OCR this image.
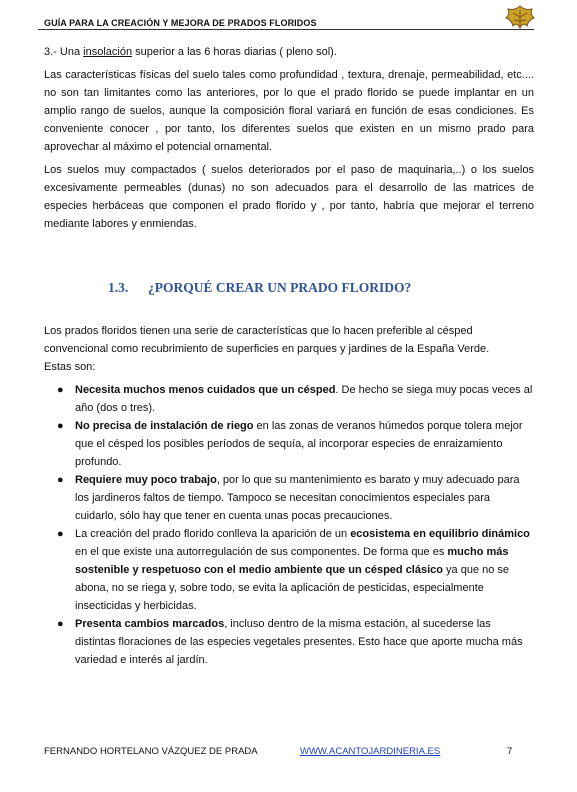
GUÍA PARA LA CREACIÓN Y MEJORA DE PRADOS FLORIDOS

3.- Una insolación superior a las 6 horas diarias ( pleno sol).

Las características físicas del suelo tales como profundidad , textura, drenaje, permeabilidad, etc.... no son tan limitantes como las anteriores, por lo que el prado florido se puede implantar en un amplio rango de suelos, aunque la composición floral variará en función de esas condiciones. Es conveniente conocer , por tanto, los diferentes suelos que existen en un mismo prado para aprovechar al máximo el potencial ornamental.

Los suelos muy compactados ( suelos deteriorados por el paso de maquinaria,..) o los suelos excesivamente permeables (dunas) no son adecuados para el desarrollo de las matrices de especies herbáceas que componen el prado florido y , por tanto, habría que mejorar el terreno mediante labores y enmiendas.

1.3. ¿PORQUÉ CREAR UN PRADO FLORIDO?

Los prados floridos tienen una serie de características que lo hacen preferible al césped convencional como recubrimiento de superficies en parques y jardines de la España Verde. Estas son:

● Necesita muchos menos cuidados que un césped. De hecho se siega muy pocas veces al año (dos o tres).
● No precisa de instalación de riego en las zonas de veranos húmedos porque tolera mejor que el césped los posibles períodos de sequía, al incorporar especies de enraizamiento profundo.
● Requiere muy poco trabajo, por lo que su mantenimiento es barato y muy adecuado para los jardineros faltos de tiempo. Tampoco se necesitan conocimientos especiales para cuidarlo, sólo hay que tener en cuenta unas pocas precauciones.
● La creación del prado florido conlleva la aparición de un ecosistema en equilibrio dinámico en el que existe una autorregulación de sus componentes. De forma que es mucho más sostenible y respetuoso con el medio ambiente que un césped clásico ya que no se abona, no se riega y, sobre todo, se evita la aplicación de pesticidas, especialmente insecticidas y herbicidas.
● Presenta cambios marcados, incluso dentro de la misma estación, al sucederse las distintas floraciones de las especies vegetales presentes. Esto hace que aporte mucha más variedad e interés al jardín.
FERNANDO HORTELANO VÁZQUEZ DE PRADA	WWW.ACANTOJARDINERIA.ES	7
